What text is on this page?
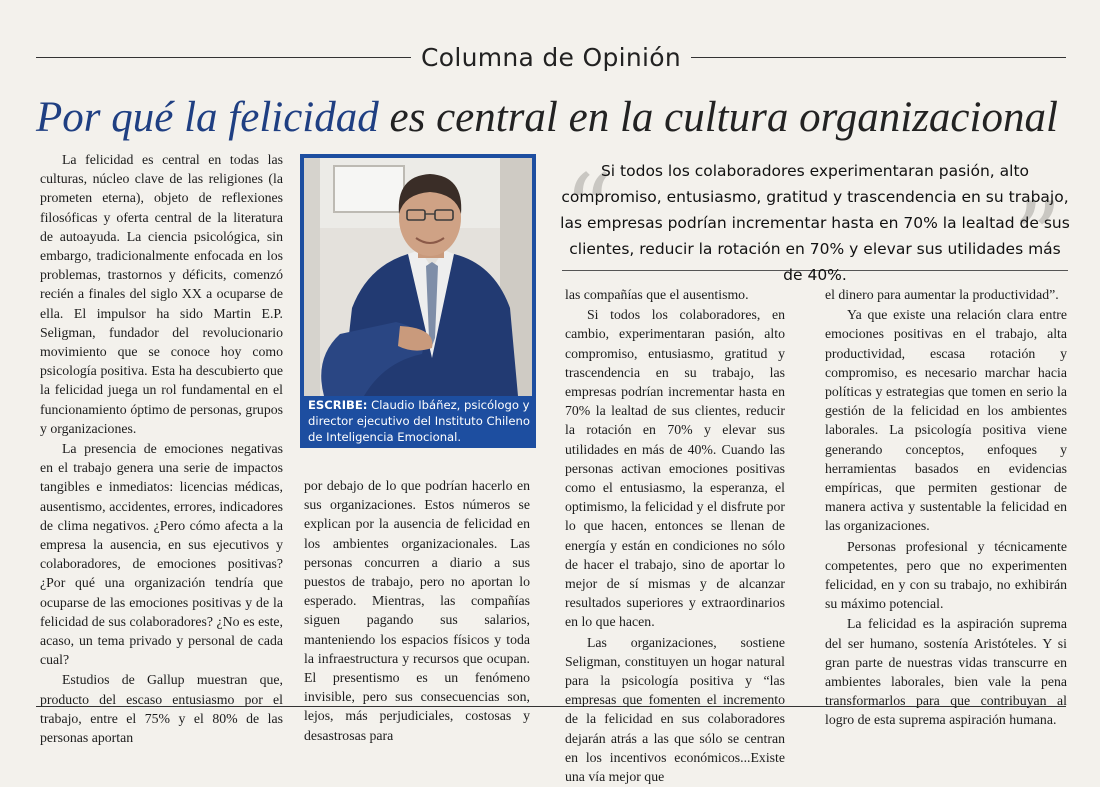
Columna de Opinión
Por qué la felicidad es central en la cultura organizacional

La felicidad es central en todas las culturas, núcleo clave de las religiones (la prometen eterna), objeto de reflexiones filosóficas y oferta central de la literatura de autoayuda. La ciencia psicológica, sin embargo, tradicionalmente enfocada en los problemas, trastornos y déficits, comenzó recién a finales del siglo XX a ocuparse de ella. El impulsor ha sido Martin E.P. Seligman, fundador del revolucionario movimiento que se conoce hoy como psicología positiva. Esta ha descubierto que la felicidad juega un rol fundamental en el funcionamiento óptimo de personas, grupos y organizaciones.

La presencia de emociones negativas en el trabajo genera una serie de impactos tangibles e inmediatos: licencias médicas, ausentismo, accidentes, errores, indicadores de clima negativos. ¿Pero cómo afecta a la empresa la ausencia, en sus ejecutivos y colaboradores, de emociones positivas? ¿Por qué una organización tendría que ocuparse de las emociones positivas y de la felicidad de sus colaboradores? ¿No es este, acaso, un tema privado y personal de cada cual?

Estudios de Gallup muestran que, producto del escaso entusiasmo por el trabajo, entre el 75% y el 80% de las personas aportan

ESCRIBE: Claudio Ibáñez, psicólogo y director ejecutivo del Instituto Chileno de Inteligencia Emocional.
“	”
Si todos los colaboradores experimentaran pasión, alto compromiso, entusiasmo, gratitud y trascendencia en su trabajo, las empresas podrían incrementar hasta en 70% la lealtad de sus clientes, reducir la rotación en 70% y elevar sus utilidades más de 40%.

por debajo de lo que podrían hacerlo en sus organizaciones. Estos números se explican por la ausencia de felicidad en los ambientes organizacionales. Las personas concurren a diario a sus puestos de trabajo, pero no aportan lo esperado. Mientras, las compañías siguen pagando sus salarios, manteniendo los espacios físicos y toda la infraestructura y recursos que ocupan. El presentismo es un fenómeno invisible, pero sus consecuencias son, lejos, más perjudiciales, costosas y desastrosas para

las compañías que el ausentismo.

Si todos los colaboradores, en cambio, experimentaran pasión, alto compromiso, entusiasmo, gratitud y trascendencia en su trabajo, las empresas podrían incrementar hasta en 70% la lealtad de sus clientes, reducir la rotación en 70% y elevar sus utilidades en más de 40%. Cuando las personas activan emociones positivas como el entusiasmo, la esperanza, el optimismo, la felicidad y el disfrute por lo que hacen, entonces se llenan de energía y están en condiciones no sólo de hacer el trabajo, sino de aportar lo mejor de sí mismas y de alcanzar resultados superiores y extraordinarios en lo que hacen.

Las organizaciones, sostiene Seligman, constituyen un hogar natural para la psicología positiva y “las empresas que fomenten el incremento de la felicidad en sus colaboradores dejarán atrás a las que sólo se centran en los incentivos económicos...Existe una vía mejor que

el dinero para aumentar la productividad”.

Ya que existe una relación clara entre emociones positivas en el trabajo, alta productividad, escasa rotación y compromiso, es necesario marchar hacia políticas y estrategias que tomen en serio la gestión de la felicidad en los ambientes laborales. La psicología positiva viene generando conceptos, enfoques y herramientas basados en evidencias empíricas, que permiten gestionar de manera activa y sustentable la felicidad en las organizaciones.

Personas profesional y técnicamente competentes, pero que no experimenten felicidad, en y con su trabajo, no exhibirán su máximo potencial.

La felicidad es la aspiración suprema del ser humano, sostenía Aristóteles. Y si gran parte de nuestras vidas transcurre en ambientes laborales, bien vale la pena transformarlos para que contribuyan al logro de esta suprema aspiración humana.
